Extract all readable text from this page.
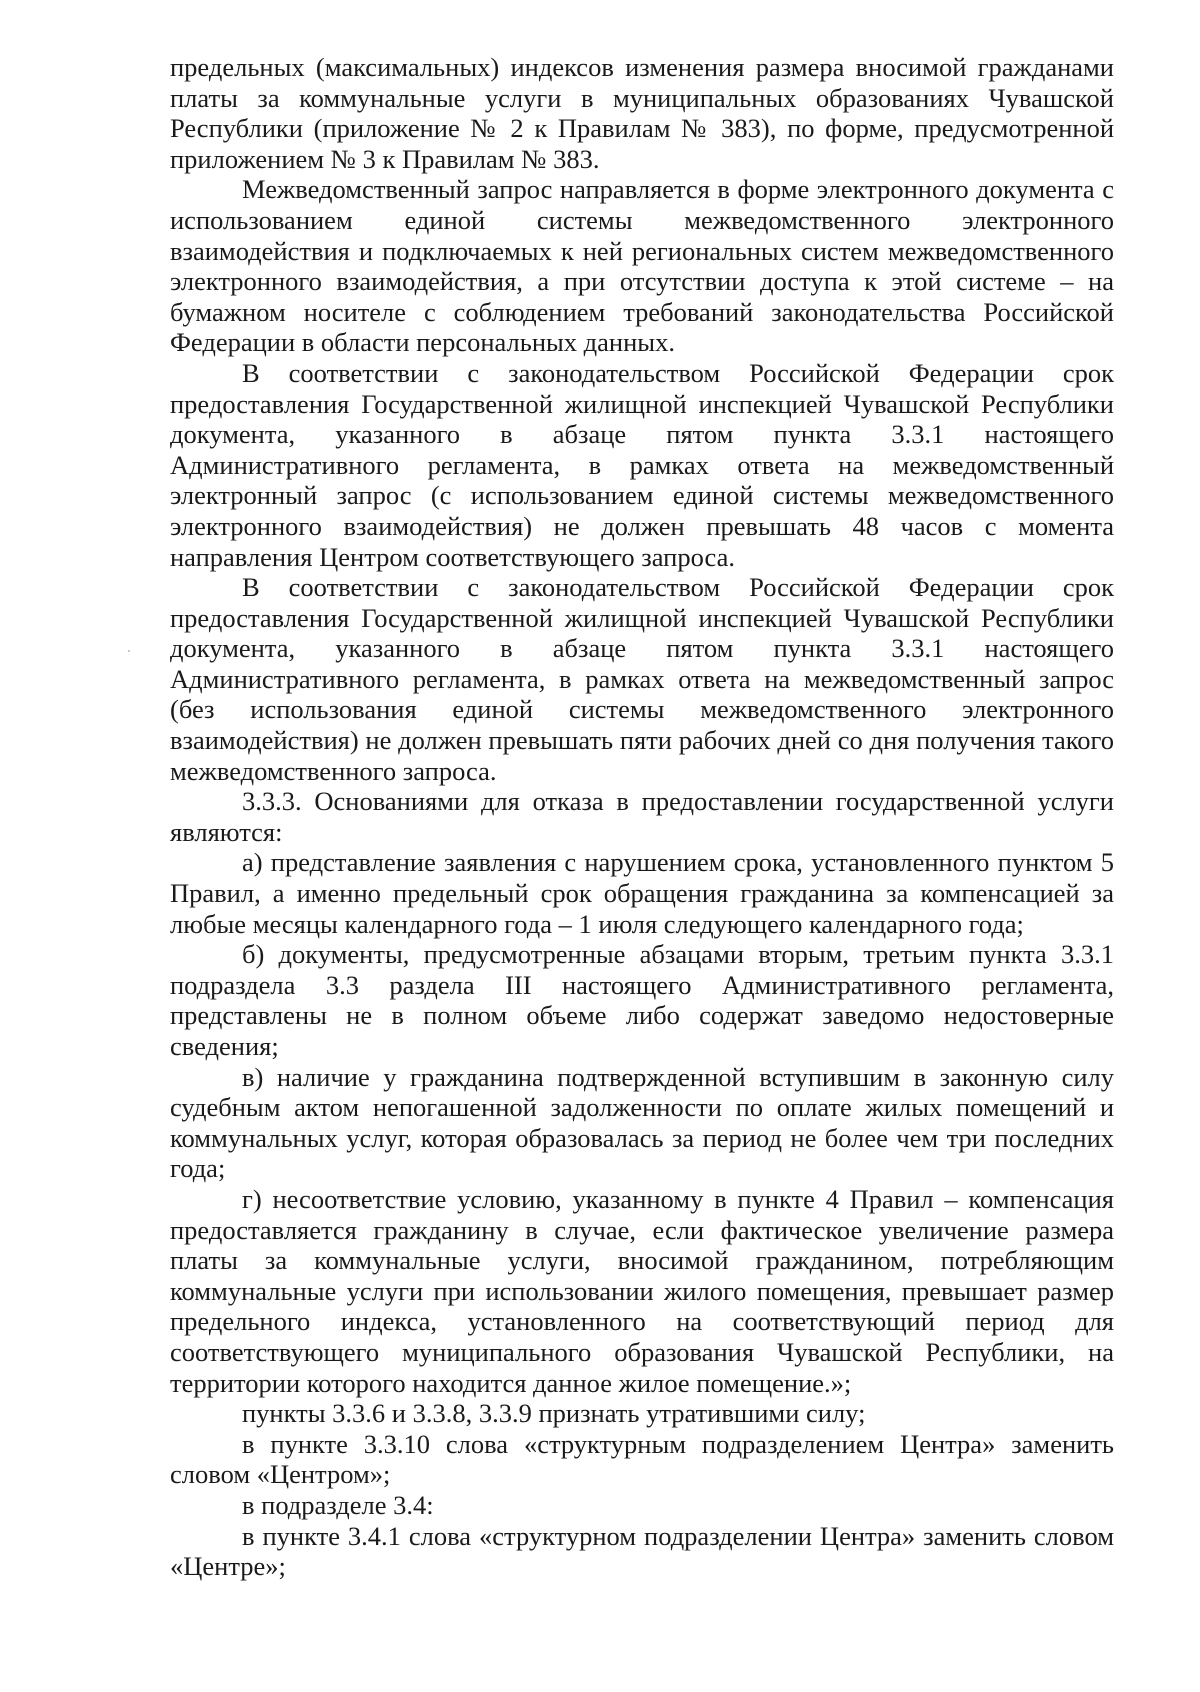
предельных (максимальных) индексов изменения размера вносимой гражданами платы за коммунальные услуги в муниципальных образованиях Чувашской Республики (приложение № 2 к Правилам № 383), по форме, предусмотренной приложением № 3 к Правилам № 383.

Межведомственный запрос направляется в форме электронного документа с использованием единой системы межведомственного электронного взаимодействия и подключаемых к ней региональных систем межведомственного электронного взаимодействия, а при отсутствии доступа к этой системе – на бумажном носителе с соблюдением требований законодательства Российской Федерации в области персональных данных.

В соответствии с законодательством Российской Федерации срок предоставления Государственной жилищной инспекцией Чувашской Республики документа, указанного в абзаце пятом пункта 3.3.1 настоящего Административного регламента, в рамках ответа на межведомственный электронный запрос (с использованием единой системы межведомственного электронного взаимодействия) не должен превышать 48 часов с момента направления Центром соответствующего запроса.

В соответствии с законодательством Российской Федерации срок предоставления Государственной жилищной инспекцией Чувашской Республики документа, указанного в абзаце пятом пункта 3.3.1 настоящего Административного регламента, в рамках ответа на межведомственный запрос (без использования единой системы межведомственного электронного взаимодействия) не должен превышать пяти рабочих дней со дня получения такого межведомственного запроса.

3.3.3. Основаниями для отказа в предоставлении государственной услуги являются:

а) представление заявления с нарушением срока, установленного пунктом 5 Правил, а именно предельный срок обращения гражданина за компенсацией за любые месяцы календарного года – 1 июля следующего календарного года;

б) документы, предусмотренные абзацами вторым, третьим пункта 3.3.1 подраздела 3.3 раздела III настоящего Административного регламента, представлены не в полном объеме либо содержат заведомо недостоверные сведения;

в) наличие у гражданина подтвержденной вступившим в законную силу судебным актом непогашенной задолженности по оплате жилых помещений и коммунальных услуг, которая образовалась за период не более чем три последних года;

г) несоответствие условию, указанному в пункте 4 Правил – компенсация предоставляется гражданину в случае, если фактическое увеличение размера платы за коммунальные услуги, вносимой гражданином, потребляющим коммунальные услуги при использовании жилого помещения, превышает размер предельного индекса, установленного на соответствующий период для соответствующего муниципального образования Чувашской Республики, на территории которого находится данное жилое помещение.»;

пункты 3.3.6 и 3.3.8, 3.3.9 признать утратившими силу;

в пункте 3.3.10 слова «структурным подразделением Центра» заменить словом «Центром»;

в подразделе 3.4:

в пункте 3.4.1 слова «структурном подразделении Центра» заменить словом «Центре»;
